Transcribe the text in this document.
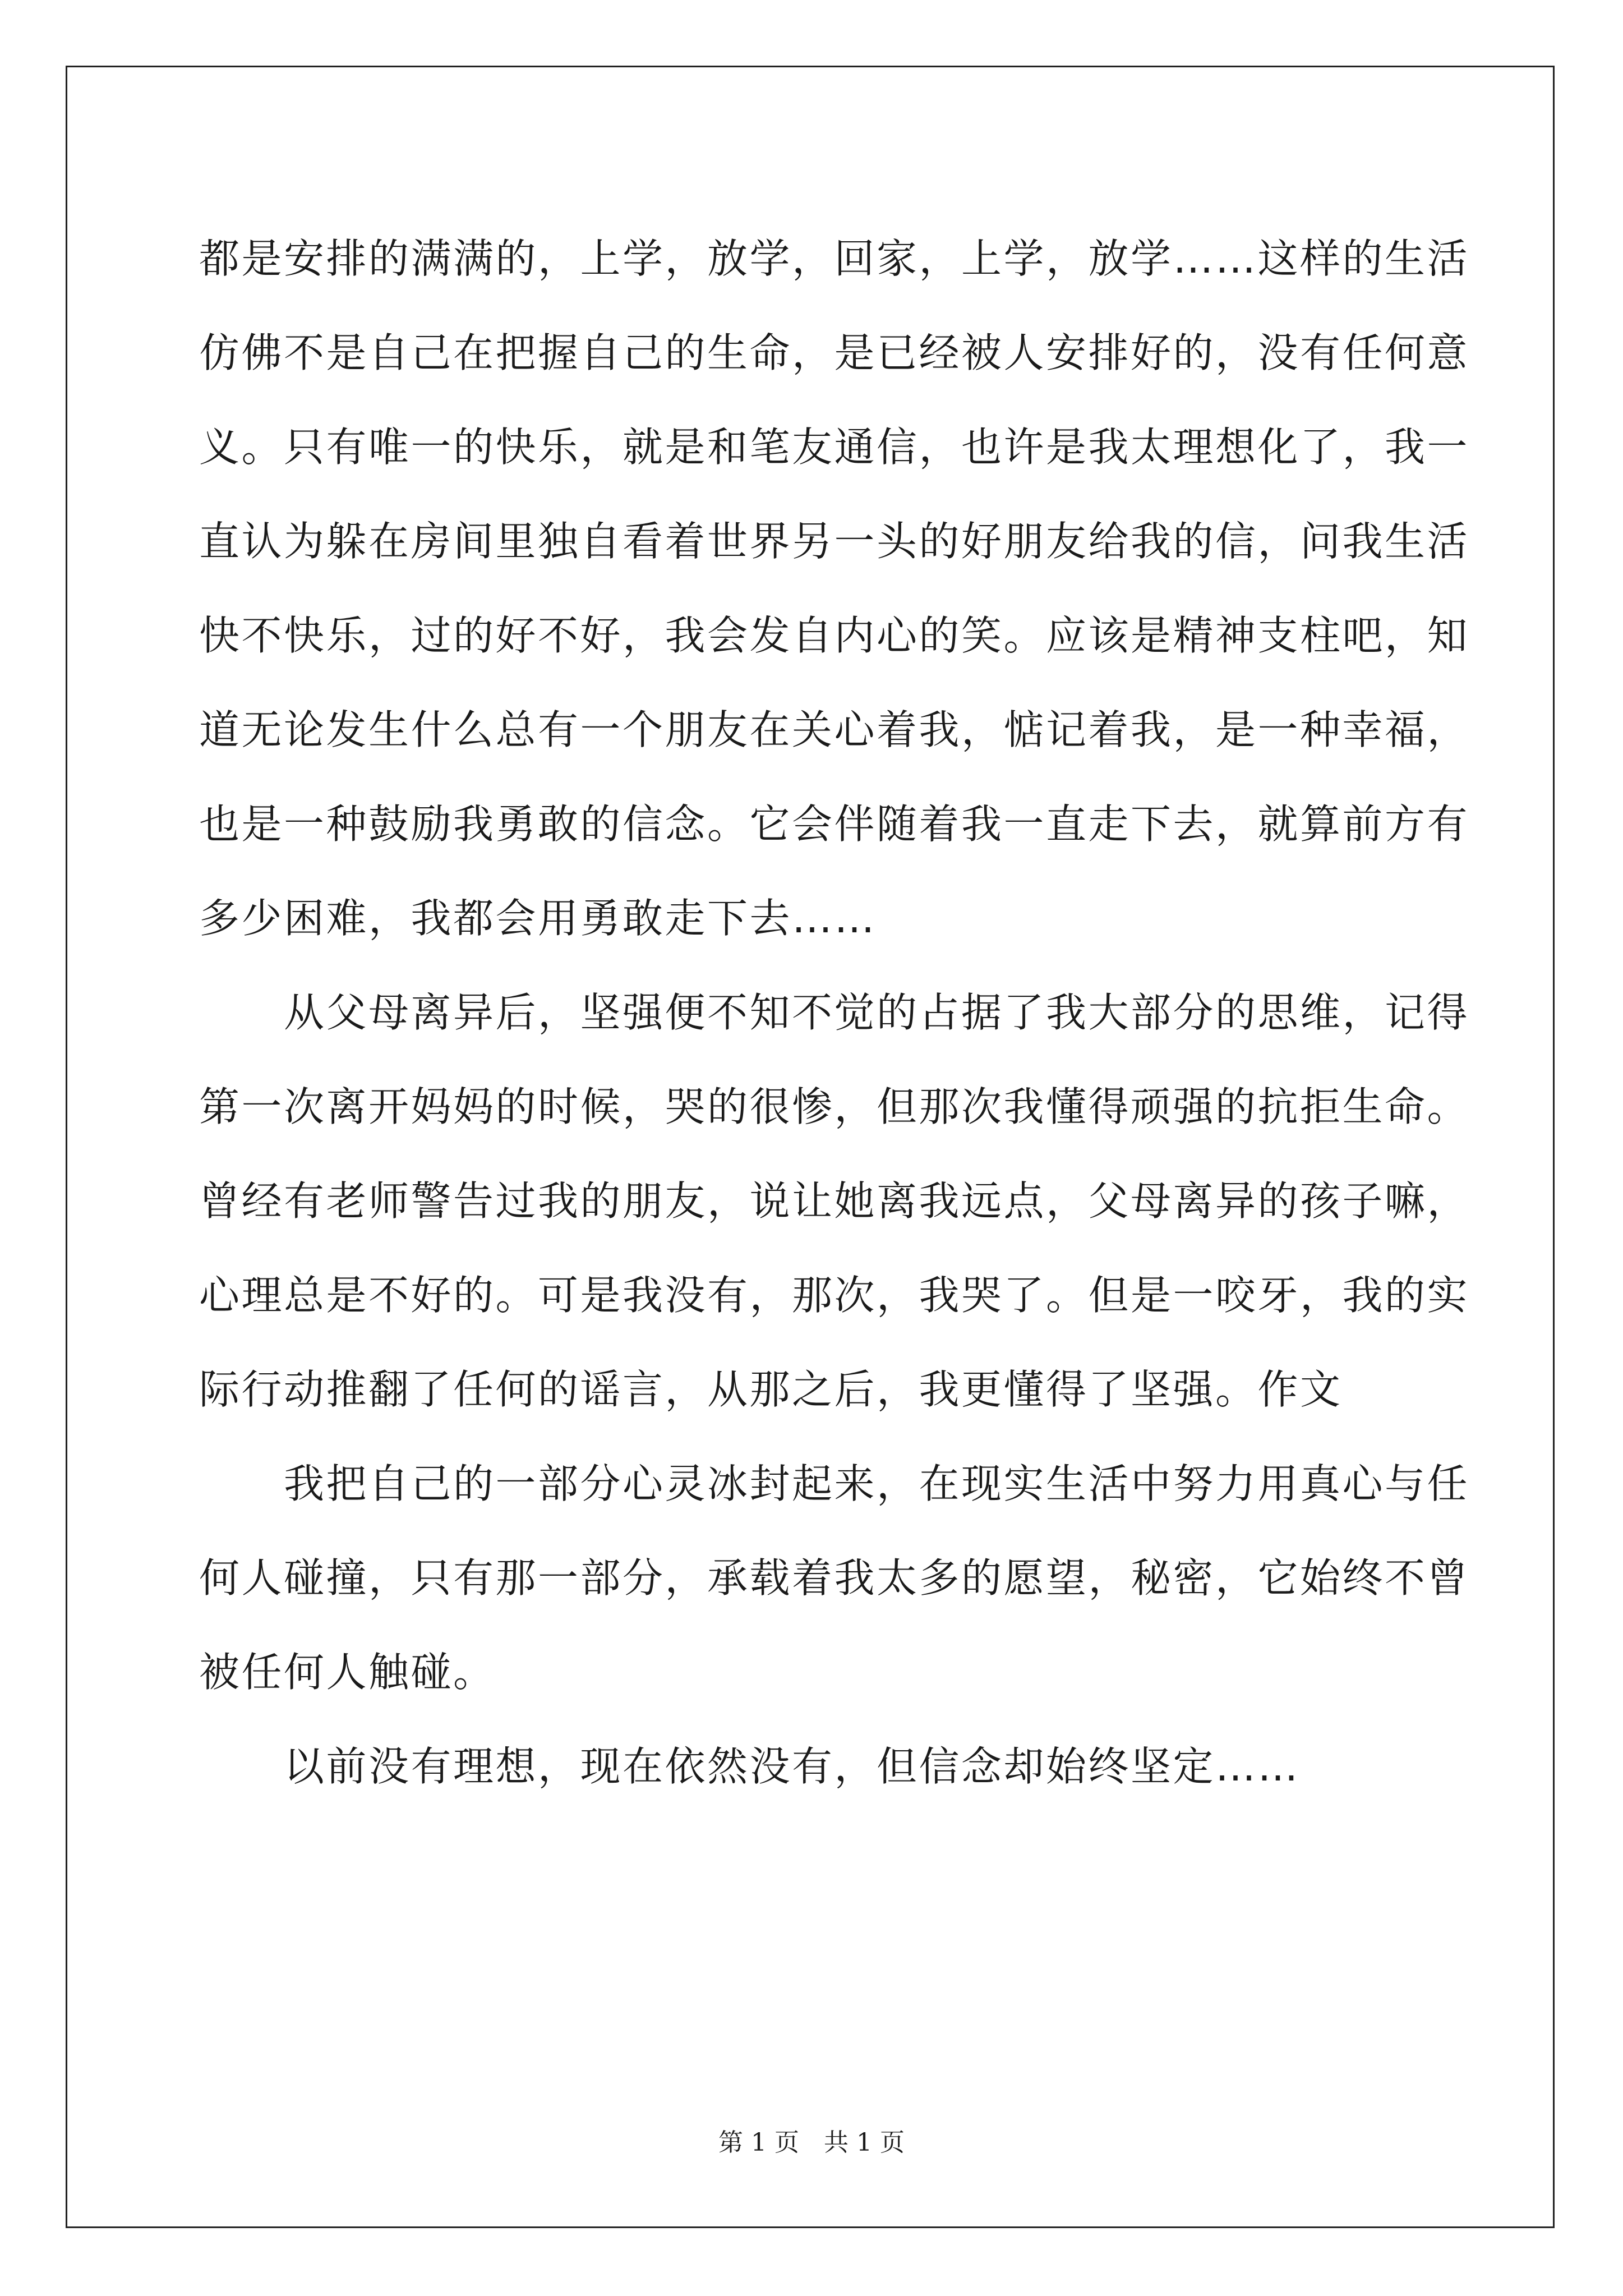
都是安排的满满的，上学，放学，回家，上学，放学……这样的生活

仿佛不是自己在把握自己的生命，是已经被人安排好的，没有任何意

义。只有唯一的快乐，就是和笔友通信，也许是我太理想化了，我一

直认为躲在房间里独自看着世界另一头的好朋友给我的信，问我生活

快不快乐，过的好不好，我会发自内心的笑。应该是精神支柱吧，知

道无论发生什么总有一个朋友在关心着我，惦记着我，是一种幸福，

也是一种鼓励我勇敢的信念。它会伴随着我一直走下去，就算前方有

多少困难，我都会用勇敢走下去……

　　从父母离异后，坚强便不知不觉的占据了我大部分的思维，记得

第一次离开妈妈的时候，哭的很惨，但那次我懂得顽强的抗拒生命。

曾经有老师警告过我的朋友，说让她离我远点，父母离异的孩子嘛，

心理总是不好的。可是我没有，那次，我哭了。但是一咬牙，我的实

际行动推翻了任何的谣言，从那之后，我更懂得了坚强。作文

　　我把自己的一部分心灵冰封起来，在现实生活中努力用真心与任

何人碰撞，只有那一部分，承载着我太多的愿望，秘密，它始终不曾

被任何人触碰。

　　以前没有理想，现在依然没有，但信念却始终坚定……

第 1 页　共 1 页
